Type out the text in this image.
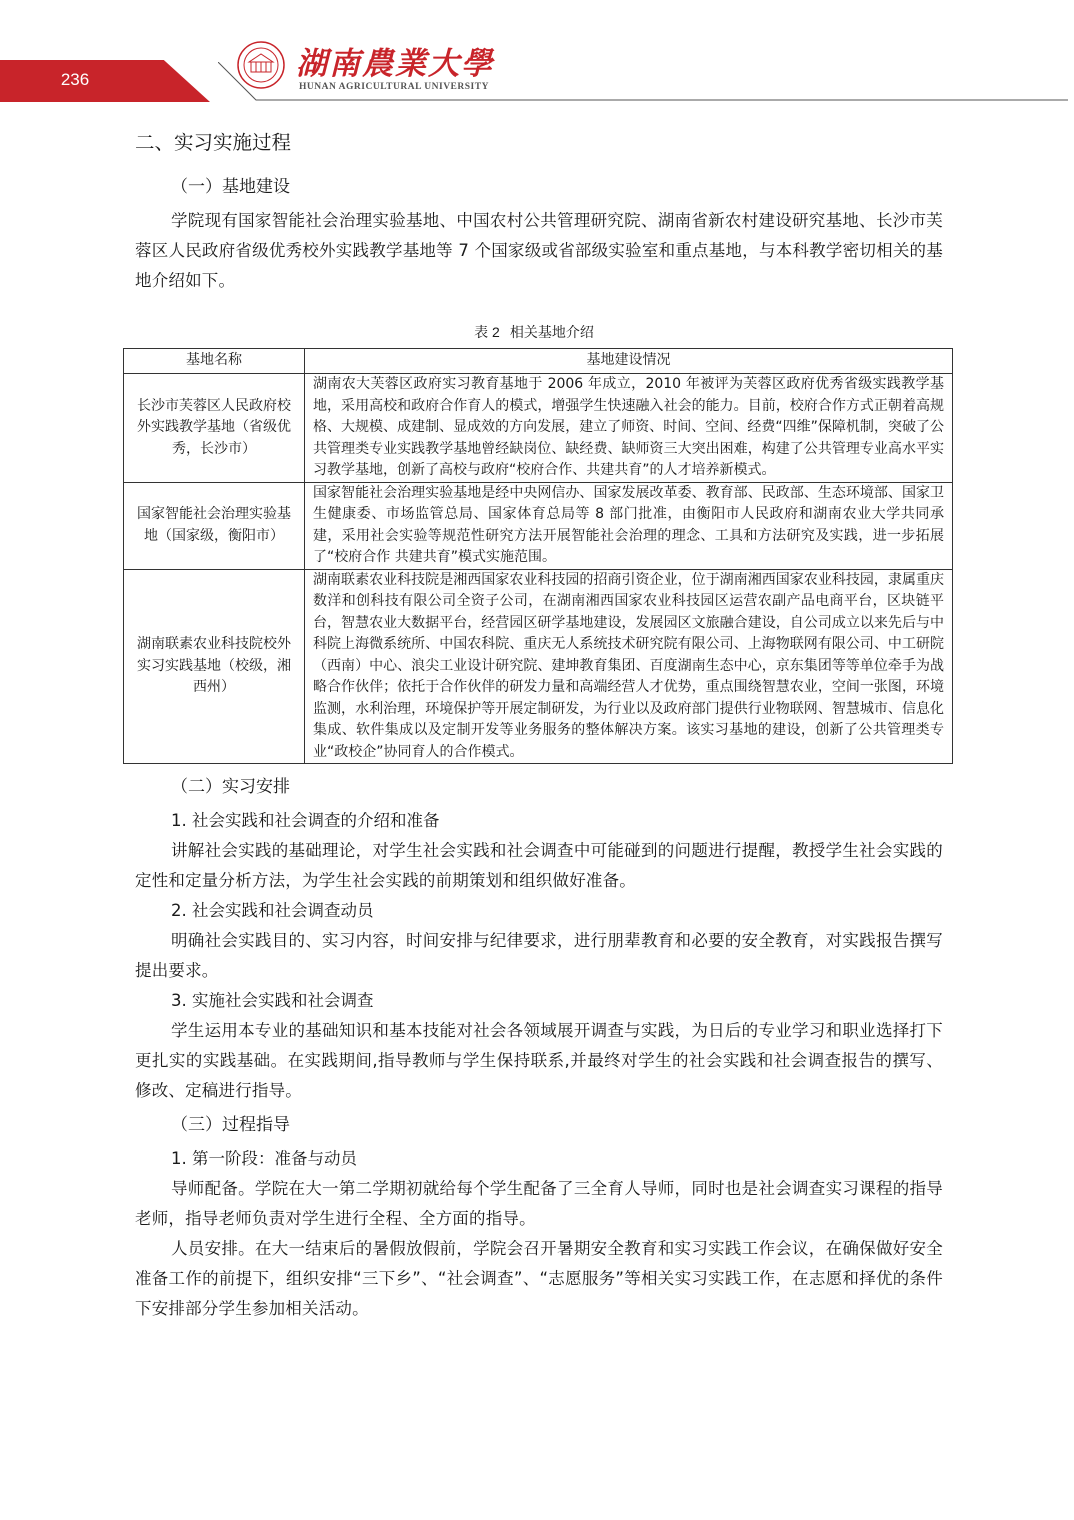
236	湖南農業大學
HUNAN AGRICULTURAL UNIVERSITY
二、实习实施过程
（一）基地建设

学院现有国家智能社会治理实验基地、中国农村公共管理研究院、湖南省新农村建设研究基地、长沙市芙蓉区人民政府省级优秀校外实践教学基地等 7 个国家级或省部级实验室和重点基地，与本科教学密切相关的基地介绍如下。

表 2 相关基地介绍
基地名称	基地建设情况
长沙市芙蓉区人民政府校外实践教学基地（省级优秀，长沙市）	湖南农大芙蓉区政府实习教育基地于 2006 年成立，2010 年被评为芙蓉区政府优秀省级实践教学基地，采用高校和政府合作育人的模式，增强学生快速融入社会的能力。目前，校府合作方式正朝着高规格、大规模、成建制、显成效的方向发展，建立了师资、时间、空间、经费“四维”保障机制，突破了公共管理类专业实践教学基地曾经缺岗位、缺经费、缺师资三大突出困难，构建了公共管理专业高水平实习教学基地，创新了高校与政府“校府合作、共建共育”的人才培养新模式。
国家智能社会治理实验基地（国家级，衡阳市）	国家智能社会治理实验基地是经中央网信办、国家发展改革委、教育部、民政部、生态环境部、国家卫生健康委、市场监管总局、国家体育总局等 8 部门批准，由衡阳市人民政府和湖南农业大学共同承建，采用社会实验等规范性研究方法开展智能社会治理的理念、工具和方法研究及实践，进一步拓展了“校府合作 共建共育”模式实施范围。
湖南联素农业科技院校外实习实践基地（校级，湘西州）	湖南联素农业科技院是湘西国家农业科技园的招商引资企业，位于湖南湘西国家农业科技园，隶属重庆数洋和创科技有限公司全资子公司，在湖南湘西国家农业科技园区运营农副产品电商平台，区块链平台，智慧农业大数据平台，经营园区研学基地建设，发展园区文旅融合建设，自公司成立以来先后与中科院上海微系统所、中国农科院、重庆无人系统技术研究院有限公司、上海物联网有限公司、中工研院（西南）中心、浪尖工业设计研究院、建坤教育集团、百度湖南生态中心，京东集团等等单位牵手为战略合作伙伴；依托于合作伙伴的研发力量和高端经营人才优势，重点围绕智慧农业，空间一张图，环境监测，水利治理，环境保护等开展定制研发，为行业以及政府部门提供行业物联网、智慧城市、信息化集成、软件集成以及定制开发等业务服务的整体解决方案。该实习基地的建设，创新了公共管理类专业“政校企”协同育人的合作模式。
（二）实习安排

1. 社会实践和社会调查的介绍和准备

讲解社会实践的基础理论，对学生社会实践和社会调查中可能碰到的问题进行提醒，教授学生社会实践的定性和定量分析方法，为学生社会实践的前期策划和组织做好准备。

2. 社会实践和社会调查动员

明确社会实践目的、实习内容，时间安排与纪律要求，进行朋辈教育和必要的安全教育，对实践报告撰写提出要求。

3. 实施社会实践和社会调查

学生运用本专业的基础知识和基本技能对社会各领域展开调查与实践，为日后的专业学习和职业选择打下更扎实的实践基础。在实践期间,指导教师与学生保持联系,并最终对学生的社会实践和社会调查报告的撰写、修改、定稿进行指导。

（三）过程指导

1. 第一阶段：准备与动员

导师配备。学院在大一第二学期初就给每个学生配备了三全育人导师，同时也是社会调查实习课程的指导老师，指导老师负责对学生进行全程、全方面的指导。

人员安排。在大一结束后的暑假放假前，学院会召开暑期安全教育和实习实践工作会议，在确保做好安全准备工作的前提下，组织安排“三下乡”、“社会调查”、“志愿服务”等相关实习实践工作，在志愿和择优的条件下安排部分学生参加相关活动。
